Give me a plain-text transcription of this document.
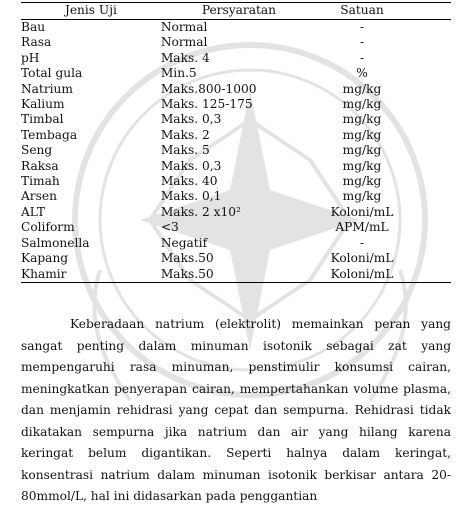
Jenis Uji	Persyaratan	Satuan
Bau	Normal	-
Rasa	Normal	-
pH	Maks. 4	-
Total gula	Min.5	%
Natrium	Maks.800-1000	mg/kg
Kalium	Maks. 125-175	mg/kg
Timbal	Maks. 0,3	mg/kg
Tembaga	Maks. 2	mg/kg
Seng	Maks. 5	mg/kg
Raksa	Maks. 0,3	mg/kg
Timah	Maks. 40	mg/kg
Arsen	Maks. 0,1	mg/kg
ALT	Maks. 2 x10²	Koloni/mL
Coliform	<3	APM/mL
Salmonella	Negatif	-
Kapang	Maks.50	Koloni/mL
Khamir	Maks.50	Koloni/mL

Keberadaan natrium (elektrolit) memainkan peran yang sangat penting dalam minuman isotonik sebagai zat yang mempengaruhi rasa minuman, penstimulir konsumsi cairan, meningkatkan penyerapan cairan, mempertahankan volume plasma, dan menjamin rehidrasi yang cepat dan sempurna. Rehidrasi tidak dikatakan sempurna jika natrium dan air yang hilang karena keringat belum digantikan. Seperti halnya dalam keringat, konsentrasi natrium dalam minuman isotonik berkisar antara 20-80mmol/L, hal ini didasarkan pada penggantian
